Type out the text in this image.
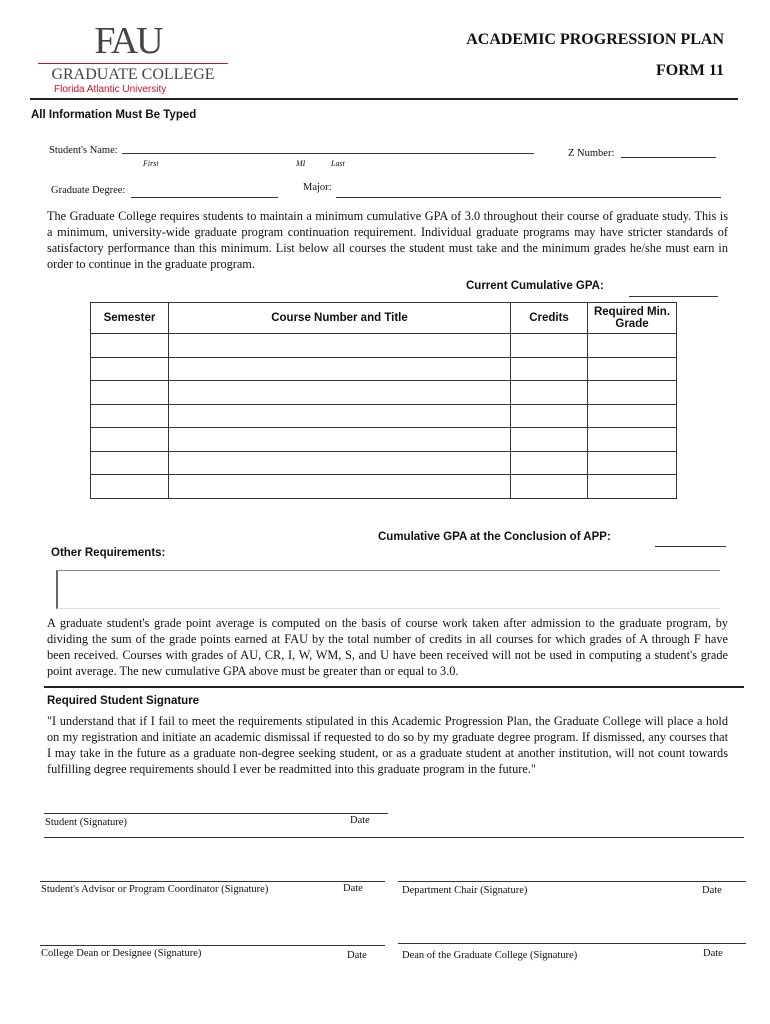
FAU
GRADUATE COLLEGE
Florida Atlantic University
ACADEMIC PROGRESSION PLAN
FORM 11
All Information Must Be Typed
Student's Name:
First	MI	Last
Z Number:
Graduate Degree:	Major:
The Graduate College requires students to maintain a minimum cumulative GPA of 3.0 throughout their course of graduate study. This is a minimum, university-wide graduate program continuation requirement. Individual graduate programs may have stricter standards of satisfactory performance than this minimum. List below all courses the student must take and the minimum grades he/she must earn in order to continue in the graduate program.
Current Cumulative GPA:
Semester	Course Number and Title	Credits	Required Min. Grade

Cumulative GPA at the Conclusion of APP:
Other Requirements:
A graduate student's grade point average is computed on the basis of course work taken after admission to the graduate program, by dividing the sum of the grade points earned at FAU by the total number of credits in all courses for which grades of A through F have been received. Courses with grades of AU, CR, I, W, WM, S, and U have been received will not be used in computing a student's grade point average. The new cumulative GPA above must be greater than or equal to 3.0.
Required Student Signature
"I understand that if I fail to meet the requirements stipulated in this Academic Progression Plan, the Graduate College will place a hold on my registration and initiate an academic dismissal if requested to do so by my graduate degree program. If dismissed, any courses that I may take in the future as a graduate non-degree seeking student, or as a graduate student at another institution, will not count towards fulfilling degree requirements should I ever be readmitted into this graduate program in the future."
Student (Signature)	Date
Student's Advisor or Program Coordinator (Signature)	Date	Department Chair (Signature)	Date
College Dean or Designee (Signature)	Date	Dean of the Graduate College (Signature)	Date
